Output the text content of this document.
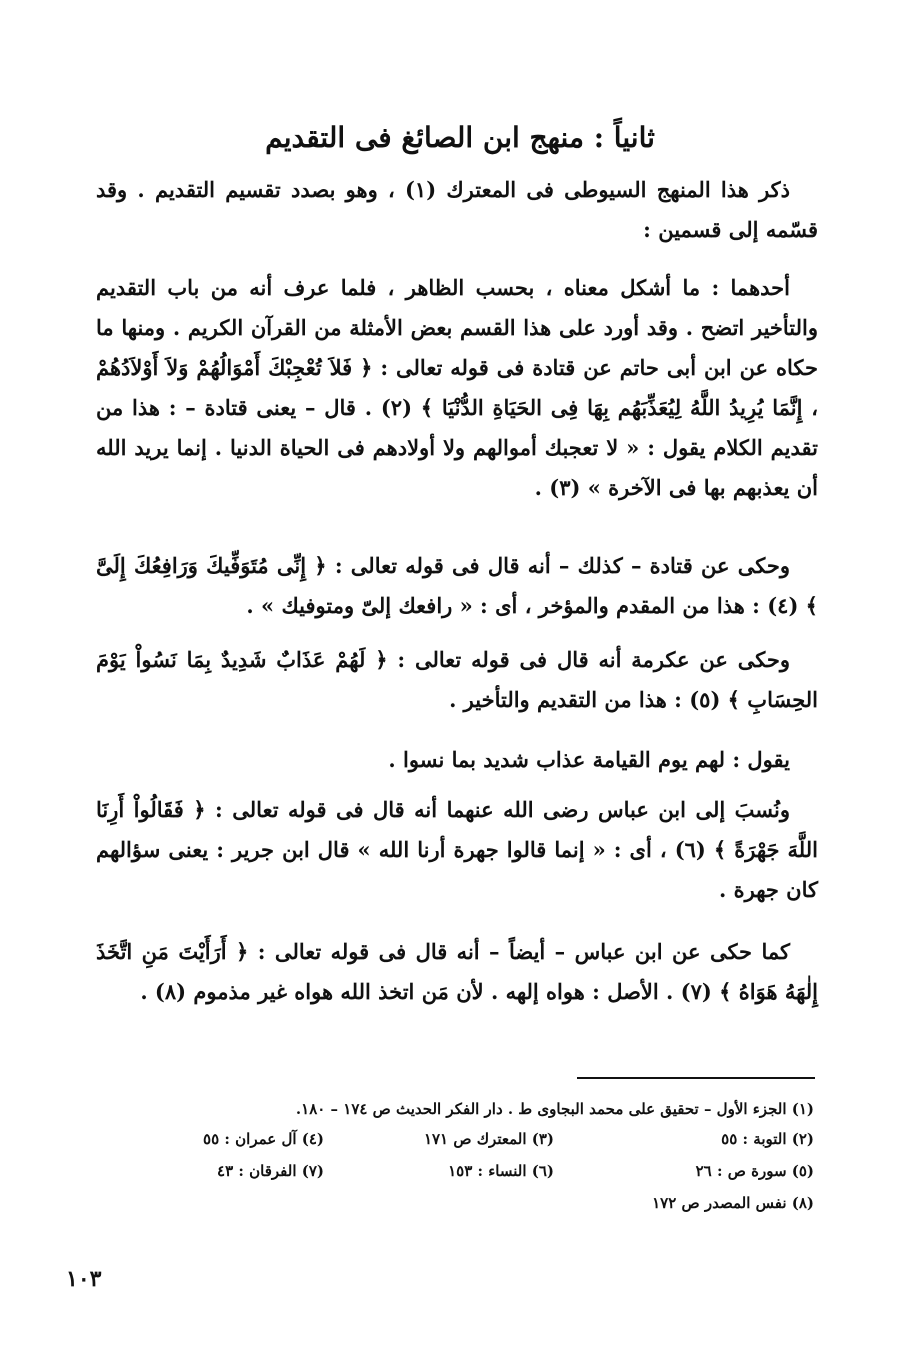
ثانياً : منهج ابن الصائغ فى التقديم

ذكر هذا المنهج السيوطى فى المعترك (١) ، وهو بصدد تقسيم التقديم . وقد قسّمه إلى قسمين :

أحدهما : ما أشكل معناه ، بحسب الظاهر ، فلما عرف أنه من باب التقديم والتأخير اتضح . وقد أورد على هذا القسم بعض الأمثلة من القرآن الكريم . ومنها ما حكاه عن ابن أبى حاتم عن قتادة فى قوله تعالى : ﴿ فَلاَ تُعْجِبْكَ أَمْوَالُهُمْ وَلاَ أَوْلاَدُهُمْ ، إِنَّمَا يُرِيدُ اللَّهُ لِيُعَذِّبَهُم بِهَا فِى الحَيَاةِ الدُّنْيَا ﴾ (٢) . قال – يعنى قتادة – : هذا من تقديم الكلام يقول : « لا تعجبك أموالهم ولا أولادهم فى الحياة الدنيا . إنما يريد الله أن يعذبهم بها فى الآخرة » (٣) .

وحكى عن قتادة – كذلك – أنه قال فى قوله تعالى : ﴿ إِنِّى مُتَوَفِّيكَ وَرَافِعُكَ إِلَىَّ ﴾ (٤) : هذا من المقدم والمؤخر ، أى : « رافعك إلىّ ومتوفيك » .

وحكى عن عكرمة أنه قال فى قوله تعالى : ﴿ لَهُمْ عَذَابٌ شَدِيدٌ بِمَا نَسُواْ يَوْمَ الحِسَابِ ﴾ (٥) : هذا من التقديم والتأخير .

يقول : لهم يوم القيامة عذاب شديد بما نسوا .

ونُسبَ إلى ابن عباس رضى الله عنهما أنه قال فى قوله تعالى : ﴿ فَقَالُواْ أَرِنَا اللَّهَ جَهْرَةً ﴾ (٦) ، أى : « إنما قالوا جهرة أرنا الله » قال ابن جرير : يعنى سؤالهم كان جهرة .

كما حكى عن ابن عباس – أيضاً – أنه قال فى قوله تعالى : ﴿ أَرَأَيْتَ مَنِ اتَّخَذَ إِلٰهَهُ هَوَاهُ ﴾ (٧) . الأصل : هواه إلهه . لأن مَن اتخذ الله هواه غير مذموم (٨) .

(١) الجزء الأول – تحقيق على محمد البجاوى ط . دار الفكر الحديث ص ١٧٤ – ١٨٠.
(٢) التوبة : ٥٥
(٣) المعترك ص ١٧١
(٤) آل عمران : ٥٥
(٥) سورة ص : ٢٦
(٦) النساء : ١٥٣
(٧) الفرقان : ٤٣
(٨) نفس المصدر ص ١٧٢
١٠٣
